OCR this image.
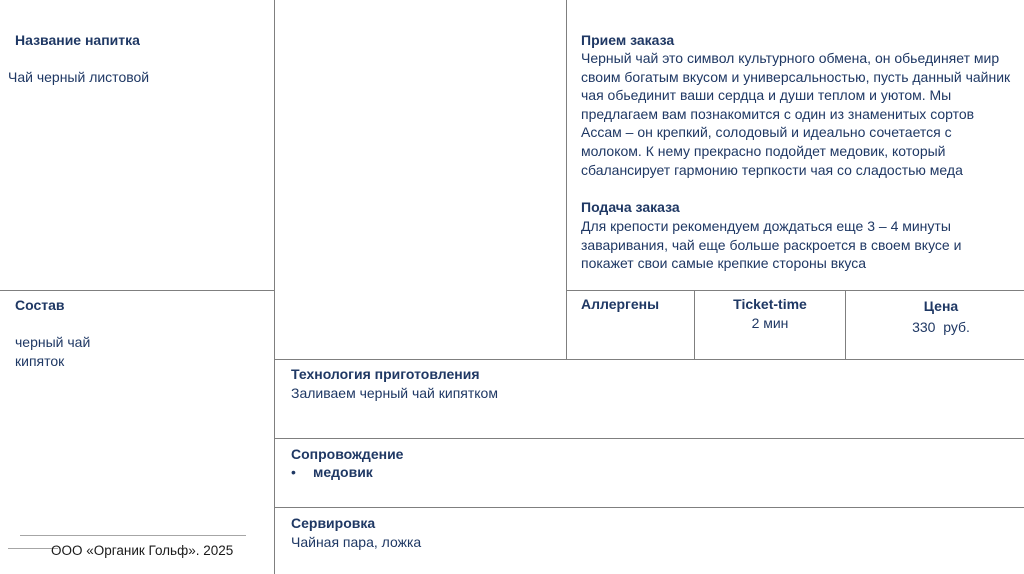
Название напитка
Чай черный листовой
Состав
черный чай
кипяток
Прием заказа
Черный чай это символ культурного обмена, он обьединяет мир своим богатым вкусом и универсальностью, пусть данный чайник чая обьединит ваши сердца и души теплом и уютом. Мы предлагаем вам познакомится с один из знаменитых сортов Ассам – он крепкий, солодовый и идеально сочетается с молоком. К нему прекрасно подойдет медовик, который сбалансирует гармонию терпкости чая со сладостью меда
Подача заказа
Для крепости рекомендуем дождаться еще 3 – 4 минуты заваривания, чай еще больше раскроется в своем вкусе и покажет свои самые крепкие стороны вкуса
Аллергены	Ticket-time
2 мин
Цена
330  руб.
Технология приготовления
Заливаем черный чай кипятком
Сопровождение
• медовик
Сервировка
Чайная пара, ложка
ООО «Органик Гольф». 2025
